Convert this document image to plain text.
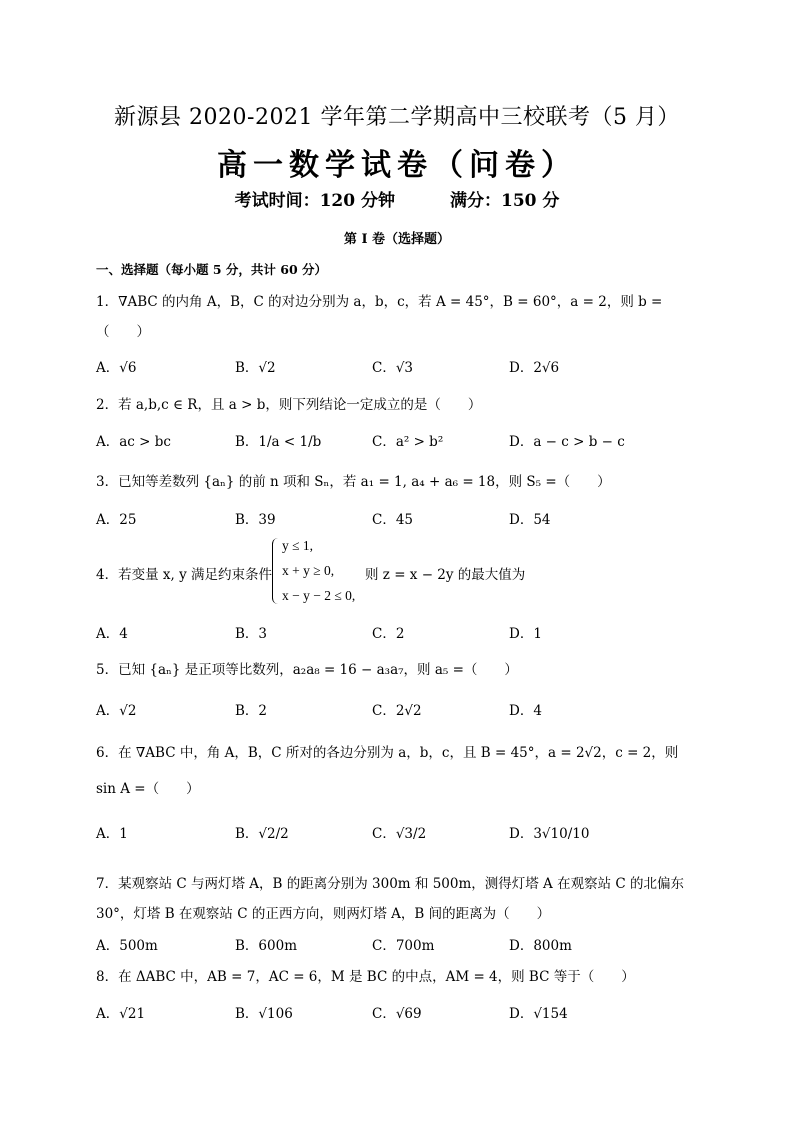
新源县 2020-2021 学年第二学期高中三校联考（5 月）
高一数学试卷（问卷）
考试时间：120 分钟	满分：150 分
第 I 卷（选择题）
一、选择题（每小题 5 分，共计 60 分）
1．∇ABC 的内角 A，B，C 的对边分别为 a，b，c，若 A = 45°，B = 60°，a = 2，则 b =
（　　）
A．√6	B．√2	C．√3	D．2√6
2．若 a,b,c ∈ R，且 a > b，则下列结论一定成立的是（　　）
A．ac > bc	B．1/a < 1/b	C．a² > b²	D．a − c > b − c
3．已知等差数列 {aₙ} 的前 n 项和 Sₙ，若 a₁ = 1, a₄ + a₆ = 18，则 S₅ =（　　）
A．25	B．39	C．45	D．54
4．若变量 x, y 满足约束条件
y ≤ 1,
x + y ≥ 0,
x − y − 2 ≤ 0,
则 z = x − 2y 的最大值为
A．4	B．3	C．2	D．1
5．已知 {aₙ} 是正项等比数列，a₂a₈ = 16 − a₃a₇，则 a₅ =（　　）
A．√2	B．2	C．2√2	D．4
6．在 ∇ABC 中，角 A，B，C 所对的各边分别为 a，b，c，且 B = 45°，a = 2√2，c = 2，则
sin A =（　　）
A．1	B．√2/2	C．√3/2	D．3√10/10
7．某观察站 C 与两灯塔 A，B 的距离分别为 300m 和 500m，测得灯塔 A 在观察站 C 的北偏东
30°，灯塔 B 在观察站 C 的正西方向，则两灯塔 A，B 间的距离为（　　）
A．500m	B．600m	C．700m	D．800m
8．在 ΔABC 中，AB = 7，AC = 6，M 是 BC 的中点，AM = 4，则 BC 等于（　　）
A．√21	B．√106	C．√69	D．√154
